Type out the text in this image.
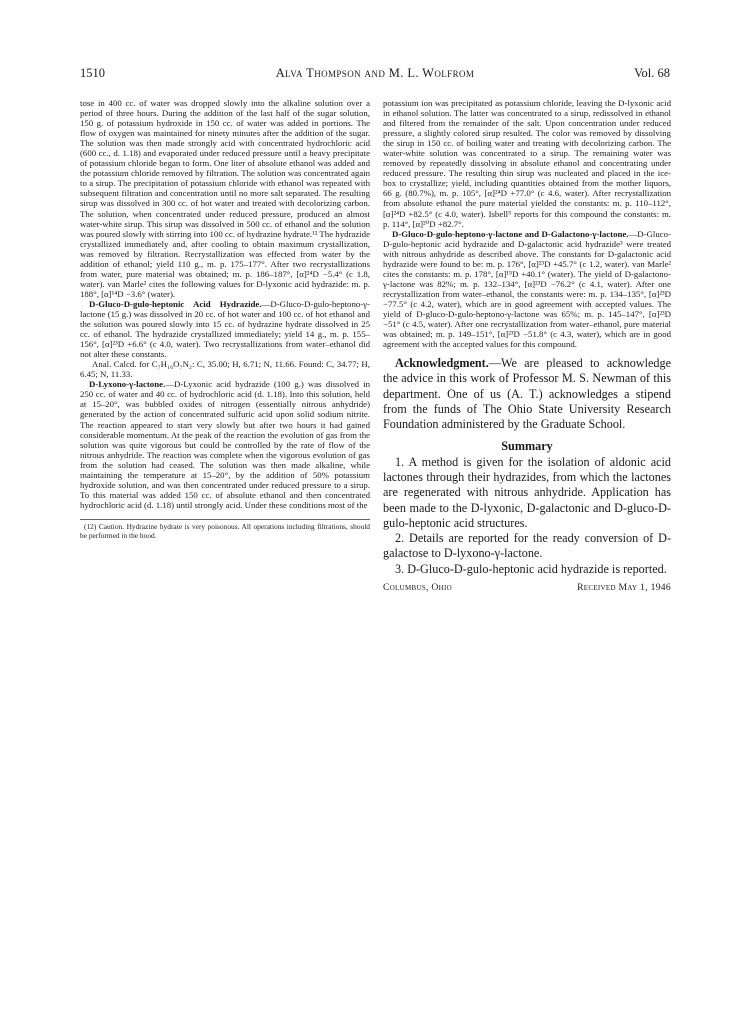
1510	Alva Thompson and M. L. Wolfrom	Vol. 68

tose in 400 cc. of water was dropped slowly into the alkaline solution over a period of three hours. During the addition of the last half of the sugar solution, 150 g. of potassium hydroxide in 150 cc. of water was added in portions. The flow of oxygen was maintained for ninety minutes after the addition of the sugar. The solution was then made strongly acid with concentrated hydrochloric acid (600 cc., d. 1.18) and evaporated under reduced pressure until a heavy precipitate of potassium chloride began to form. One liter of absolute ethanol was added and the potassium chloride removed by filtration. The solution was concentrated again to a sirup. The precipitation of potassium chloride with ethanol was repeated with subsequent filtration and concentration until no more salt separated. The resulting sirup was dissolved in 300 cc. of hot water and treated with decolorizing carbon. The solution, when concentrated under reduced pressure, produced an almost water-white sirup. This sirup was dissolved in 500 cc. of ethanol and the solution was poured slowly with stirring into 100 cc. of hydrazine hydrate.¹² The hydrazide crystallized immediately and, after cooling to obtain maximum crystallization, was removed by filtration. Recrystallization was effected from water by the addition of ethanol; yield 110 g., m. p. 175–177°. After two recrystallizations from water, pure material was obtained; m. p. 186–187°, [α]²⁴D −5.4° (c 1.8, water). van Marle² cites the following values for D-lyxonic acid hydrazide: m. p. 188°, [α]¹⁴D −3.6° (water).

D-Gluco-D-gulo-heptonic Acid Hydrazide.—D-Gluco-D-gulo-heptono-γ-lactone (15 g.) was dissolved in 20 cc. of hot water and 100 cc. of hot ethanol and the solution was poured slowly into 15 cc. of hydrazine hydrate dissolved in 25 cc. of ethanol. The hydrazide crystallized immediately; yield 14 g., m. p. 155–156°, [α]²³D +6.6° (c 4.0, water). Two recrystallizations from water–ethanol did not alter these constants.

Anal. Calcd. for C₇H₁₆O₇N₂: C, 35.00; H, 6.71; N, 11.66. Found: C, 34.77; H, 6.45; N, 11.33.

D-Lyxono-γ-lactone.—D-Lyxonic acid hydrazide (100 g.) was dissolved in 250 cc. of water and 40 cc. of hydrochloric acid (d. 1.18). Into this solution, held at 15–20°, was bubbled oxides of nitrogen (essentially nitrous anhydride) generated by the action of concentrated sulfuric acid upon solid sodium nitrite. The reaction appeared to start very slowly but after two hours it had gained considerable momentum. At the peak of the reaction the evolution of gas from the solution was quite vigorous but could be controlled by the rate of flow of the nitrous anhydride. The reaction was complete when the vigorous evolution of gas from the solution had ceased. The solution was then made alkaline, while maintaining the temperature at 15–20°, by the addition of 50% potassium hydroxide solution, and was then concentrated under reduced pressure to a sirup. To this material was added 150 cc. of absolute ethanol and then concentrated hydrochloric acid (d. 1.18) until strongly acid. Under these conditions most of the

(12) Caution. Hydrazine hydrate is very poisonous. All operations including filtrations, should be performed in the hood.

potassium ion was precipitated as potassium chloride, leaving the D-lyxonic acid in ethanol solution. The latter was concentrated to a sirup, redissolved in ethanol and filtered from the remainder of the salt. Upon concentration under reduced pressure, a slightly colored sirup resulted. The color was removed by dissolving the sirup in 150 cc. of boiling water and treating with decolorizing carbon. The water-white solution was concentrated to a sirup. The remaining water was removed by repeatedly dissolving in absolute ethanol and concentrating under reduced pressure. The resulting thin sirup was nucleated and placed in the ice-box to crystallize; yield, including quantities obtained from the mother liquors, 66 g. (80.7%), m. p. 105°, [α]²⁴D +77.0° (c 4.6, water). After recrystallization from absolute ethanol the pure material yielded the constants: m. p. 110–112°, [α]²⁴D +82.5° (c 4.0, water). Isbell⁵ reports for this compound the constants: m. p. 114°, [α]²⁰D +82.7°.

D-Gluco-D-gulo-heptono-γ-lactone and D-Galactono-γ-lactone.—D-Gluco-D-gulo-heptonic acid hydrazide and D-galactonic acid hydrazide³ were treated with nitrous anhydride as described above. The constants for D-galactonic acid hydrazide were found to be: m. p. 176°, [α]²³D +45.7° (c 1.2, water). van Marle² cites the constants: m. p. 178°, [α]¹⁵D +40.1° (water). The yield of D-galactono-γ-lactone was 82%; m. p. 132–134°, [α]²³D −76.2° (c 4.1, water). After one recrystallization from water–ethanol, the constants were: m. p. 134–135°, [α]²³D −77.5° (c 4.2, water), which are in good agreement with accepted values. The yield of D-gluco-D-gulo-heptono-γ-lactone was 65%; m. p. 145–147°, [α]²³D −51° (c 4.5, water). After one recrystallization from water–ethanol, pure material was obtained; m. p. 149–151°, [α]²³D −51.8° (c 4.3, water), which are in good agreement with the accepted values for this compound.

Acknowledgment.—We are pleased to acknowledge the advice in this work of Professor M. S. Newman of this department. One of us (A. T.) acknowledges a stipend from the funds of The Ohio State University Research Foundation administered by the Graduate School.

Summary

1. A method is given for the isolation of aldonic acid lactones through their hydrazides, from which the lactones are regenerated with nitrous anhydride. Application has been made to the D-lyxonic, D-galactonic and D-gluco-D-gulo-heptonic acid structures.

2. Details are reported for the ready conversion of D-galactose to D-lyxono-γ-lactone.

3. D-Gluco-D-gulo-heptonic acid hydrazide is reported.

Columbus, Ohio	Received May 1, 1946
